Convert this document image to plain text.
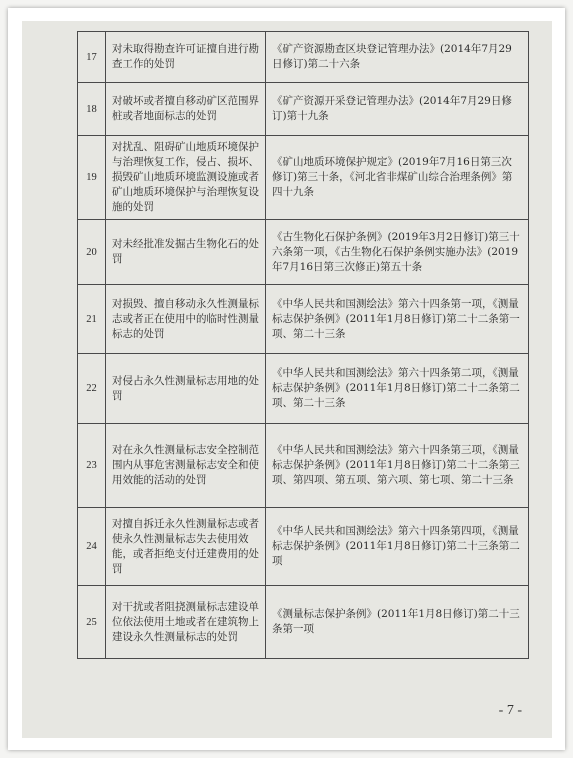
17	对未取得勘查许可证擅自进行勘查工作的处罚	《矿产资源勘查区块登记管理办法》(2014年7月29日修订)第二十六条
18	对破坏或者擅自移动矿区范围界桩或者地面标志的处罚	《矿产资源开采登记管理办法》(2014年7月29日修订)第十九条
19	对扰乱、阻碍矿山地质环境保护与治理恢复工作，侵占、损坏、损毁矿山地质环境监测设施或者矿山地质环境保护与治理恢复设施的处罚	《矿山地质环境保护规定》(2019年7月16日第三次修订)第三十条，《河北省非煤矿山综合治理条例》第四十九条
20	对未经批准发掘古生物化石的处罚	《古生物化石保护条例》(2019年3月2日修订)第三十六条第一项，《古生物化石保护条例实施办法》(2019年7月16日第三次修正)第五十条
21	对损毁、擅自移动永久性测量标志或者正在使用中的临时性测量标志的处罚	《中华人民共和国测绘法》第六十四条第一项，《测量标志保护条例》(2011年1月8日修订)第二十二条第一项、第二十三条
22	对侵占永久性测量标志用地的处罚	《中华人民共和国测绘法》第六十四条第二项，《测量标志保护条例》(2011年1月8日修订)第二十二条第二项、第二十三条
23	对在永久性测量标志安全控制范围内从事危害测量标志安全和使用效能的活动的处罚	《中华人民共和国测绘法》第六十四条第三项，《测量标志保护条例》(2011年1月8日修订)第二十二条第三项、第四项、第五项、第六项、第七项、第二十三条
24	对擅自拆迁永久性测量标志或者使永久性测量标志失去使用效能，或者拒绝支付迁建费用的处罚	《中华人民共和国测绘法》第六十四条第四项，《测量标志保护条例》(2011年1月8日修订)第二十三条第二项
25	对干扰或者阻挠测量标志建设单位依法使用土地或者在建筑物上建设永久性测量标志的处罚	《测量标志保护条例》(2011年1月8日修订)第二十三条第一项
- 7 -
